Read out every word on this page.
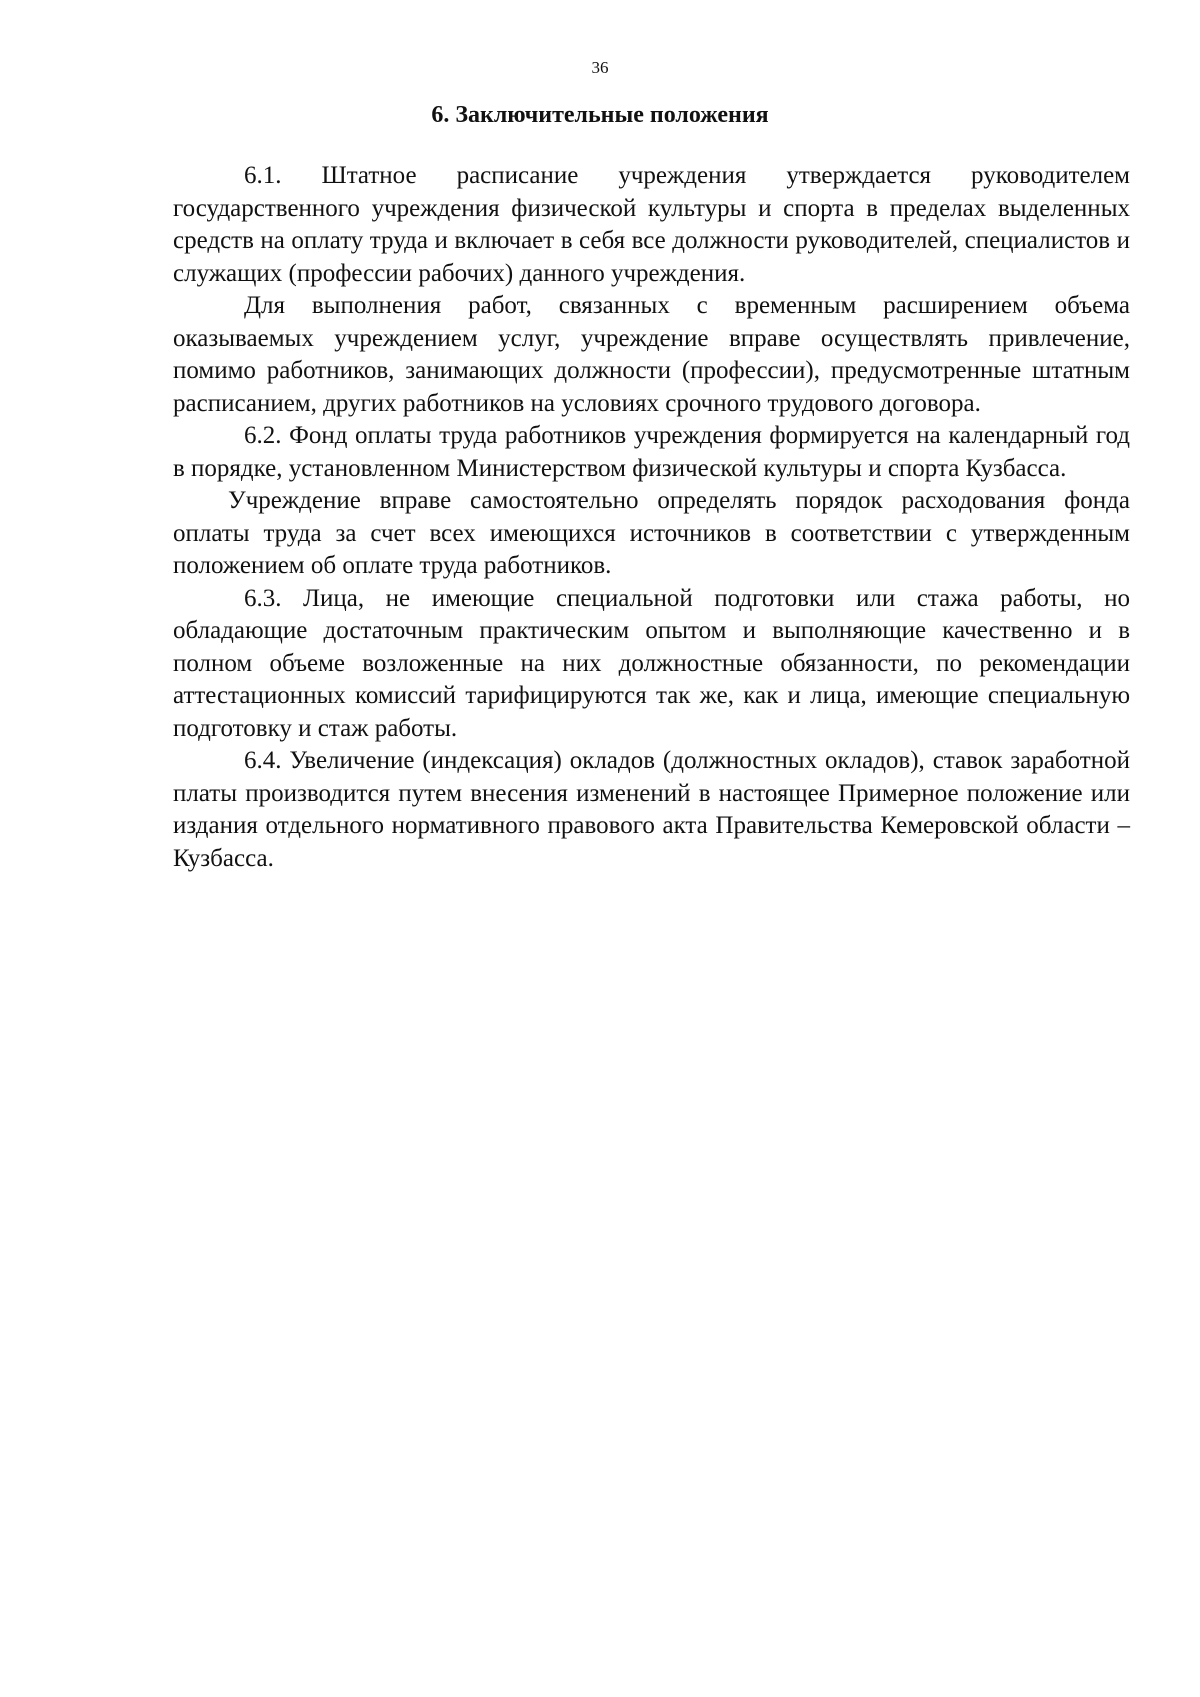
36
6. Заключительные положения

6.1. Штатное расписание учреждения утверждается руководителем государственного учреждения физической культуры и спорта в пределах выделенных средств на оплату труда и включает в себя все должности руководителей, специалистов и служащих (профессии рабочих) данного учреждения.

Для выполнения работ, связанных с временным расширением объема оказываемых учреждением услуг, учреждение вправе осуществлять привлечение, помимо работников, занимающих должности (профессии), предусмотренные штатным расписанием, других работников на условиях срочного трудового договора.

6.2. Фонд оплаты труда работников учреждения формируется на календарный год в порядке, установленном Министерством физической культуры и спорта Кузбасса.

Учреждение вправе самостоятельно определять порядок расходования фонда оплаты труда за счет всех имеющихся источников в соответствии с утвержденным положением об оплате труда работников.

6.3. Лица, не имеющие специальной подготовки или стажа работы, но обладающие достаточным практическим опытом и выполняющие качественно и в полном объеме возложенные на них должностные обязанности, по рекомендации аттестационных комиссий тарифицируются так же, как и лица, имеющие специальную подготовку и стаж работы.

6.4. Увеличение (индексация) окладов (должностных окладов), ставок заработной платы производится путем внесения изменений в настоящее Примерное положение или издания отдельного нормативного правового акта Правительства Кемеровской области – Кузбасса.
